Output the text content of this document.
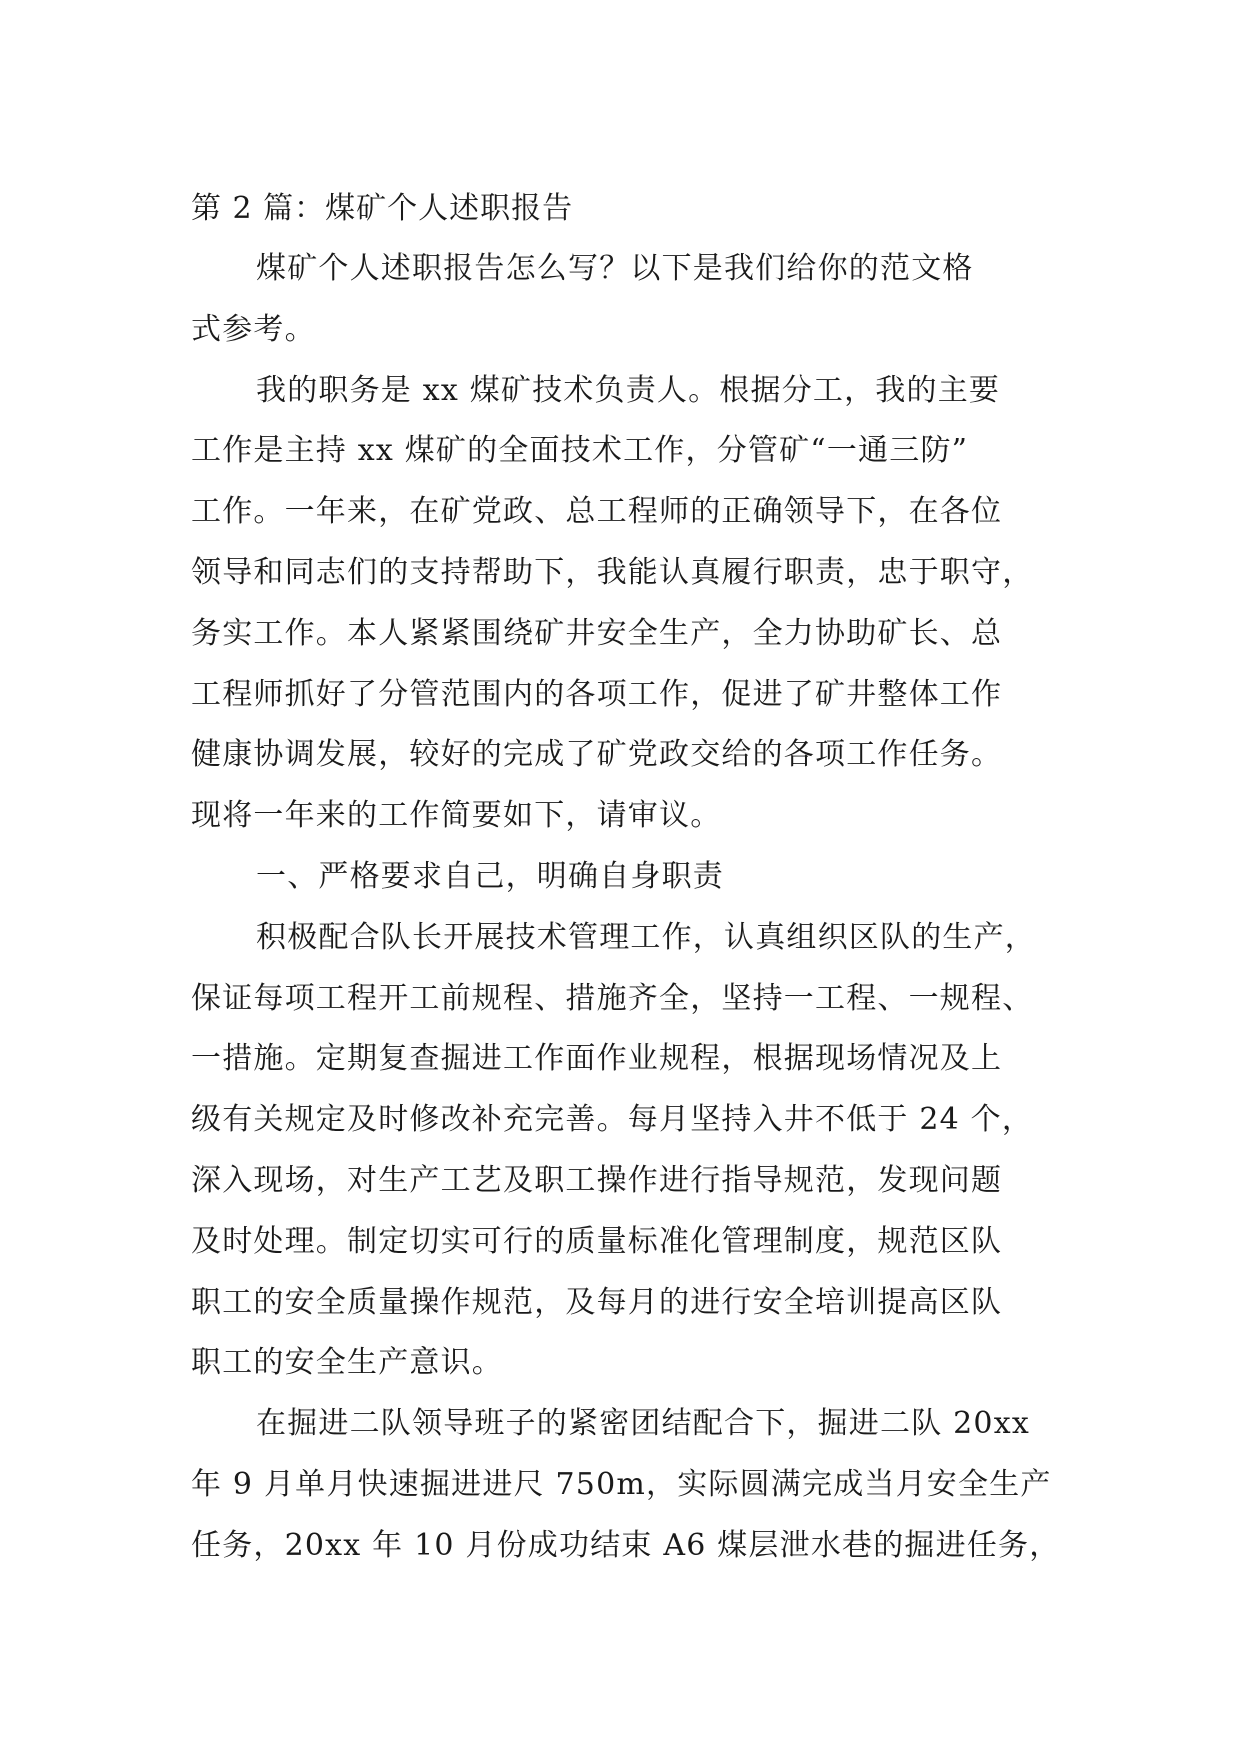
第 2 篇：煤矿个人述职报告
煤矿个人述职报告怎么写？以下是我们给你的范文格
式参考。
我的职务是 xx 煤矿技术负责人。根据分工，我的主要
工作是主持 xx 煤矿的全面技术工作，分管矿“一通三防”
工作。一年来，在矿党政、总工程师的正确领导下，在各位
领导和同志们的支持帮助下，我能认真履行职责，忠于职守，
务实工作。本人紧紧围绕矿井安全生产，全力协助矿长、总
工程师抓好了分管范围内的各项工作，促进了矿井整体工作
健康协调发展，较好的完成了矿党政交给的各项工作任务。
现将一年来的工作简要如下，请审议。
一、严格要求自己，明确自身职责
积极配合队长开展技术管理工作，认真组织区队的生产，
保证每项工程开工前规程、措施齐全，坚持一工程、一规程、
一措施。定期复查掘进工作面作业规程，根据现场情况及上
级有关规定及时修改补充完善。每月坚持入井不低于 24 个，
深入现场，对生产工艺及职工操作进行指导规范，发现问题
及时处理。制定切实可行的质量标准化管理制度，规范区队
职工的安全质量操作规范，及每月的进行安全培训提高区队
职工的安全生产意识。
在掘进二队领导班子的紧密团结配合下，掘进二队 20xx
年 9 月单月快速掘进进尺 750m，实际圆满完成当月安全生产
任务，20xx 年 10 月份成功结束 A6 煤层泄水巷的掘进任务，
